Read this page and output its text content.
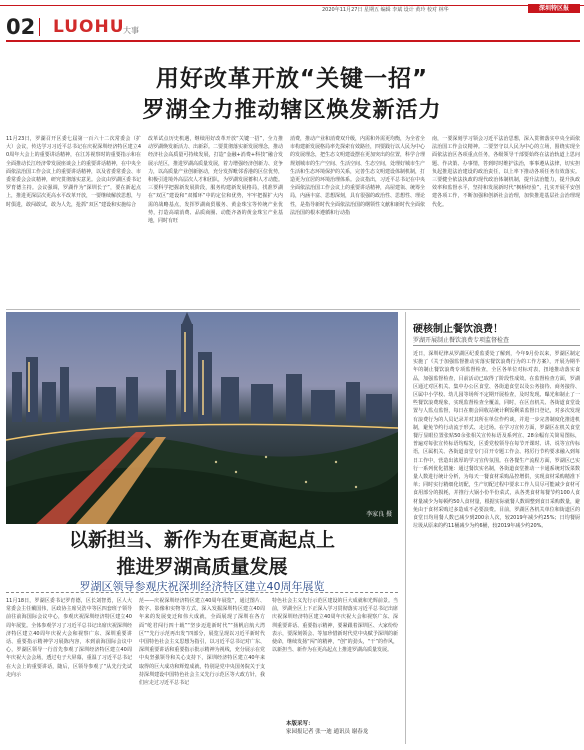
2020年11月27日 星期五 编辑 李斌 设计 黄玲 校对 林华	深圳特区报
02 LUOHU
大事
用好改革开放“关键一招”
罗湖全力推动辖区焕发新活力
11月23日，罗湖召开区委七届第一百六十二次常委会（扩大）会议，传达学习习近平总书记在庆祝深圳经济特区建立40周年大会上的重要讲话精神，在江苏视察时的重要指示和在全面推动长江经济带发展座谈会上的重要讲话精神，在中央全面依法治国工作会议上的重要讲话精神，以及省委常委会、市委常委会会议精神，研究贯彻落实意见。会议由罗湖区委书记罗育德主持。会议强调，罗湖作为“深圳长子”，要在新起点上，推进更深层次更高水平改革开放，一要继续解放思想，与时俱进，敢闯敢试，敢为人先，抢抓“双区”建设和实施综合
改革试点历史机遇，继续用好改革开放“关键一招”，全力推动罗湖焕发新活力、出新彩。二要贯彻落实新发展理念，推动经济社会高质量可持续发展，打造“金融+消费+科技”融合发展示范区，推进罗湖高质量发展，着力增强经济创新力、竞争力，以高质量产业创新驱动，充分发挥毗邻香港的区位优势，积极引进境外高层次人才和团队，为罗湖发展蓄积人才动能。三要科学把握新发展阶段，服务构建新发展格局，找准罗湖在“双区”建设和“双循环”中的定位和优势，牢牢把握扩大内需的战略基点，发挥罗湖商贸服务、黄金珠宝等传统产业优势，打造高端消费、品质商圈、动能齐备的黄金珠宝产业基地，同时有旺
消费，推动产业和消费双升级，内需和外需更均衡，为全省全市构建新发展格局率先探索有效路径，四要践行以人民为中心的发展理念，把生态文明建设摆在更加突出的位置，科学合理规划城市的生产空间、生活空间、生态空间，处理好城市生产生活和生态环境保护的关系，完善生态文明建设体制机制，打造更为宜居的环境治理体系。会议指出，习近平总书记在中央全面依法治国工作会议上的重要讲话精神，高屋建瓴、统筹全局，内涵丰富、思想深刻，具有很强的政治性、思想性、理论性，是指导新时代全面依法治国的纲领性文献和新时代全面依法治国的根本遵循和行动指
南，一要深刻学习领会习近平法治思想，深入贯彻落实中央全面依法治国工作会议精神。二要坚守以人民为中心的立场，围绕实现全面依法治区各项重点任务，各级领导干部要始终在法治轨道上思问题、作决策、办事情，答到时时维护法治，事事遵从法律，切实担负起推进法治建设的政治责任，以上率下推动各项任务有效落实。三要健全依法执政的现代政治体制机制，提升法治能力，提升执政效率和监督水平，坚持和发展新时代“枫桥经验”，扎实开展平安创建各项工作，不断加强和创新社会治理，加快推进基层社会治理现代化。
李家良 摄
以新担当、新作为在更高起点上
推进罗湖高质量发展
罗湖区领导参观庆祝深圳经济特区建立40周年展览
11月18日，罗湖区委书记罗育德，区长刘智勇，区人大常委会主任戴国伟，区政协主席吴浩中等区四套班子领导前往前海国际会议中心，参观庆祝深圳经济特区建立40周年展览。全体参观学习了习近平总书记出席庆祝深圳经济特区建立40周年庆祝大会和视察广东、深圳重要讲话、重要指示精神学习展陈内容，本到前海国际会议中心，罗湖区领导一行首先参观了深圳经济特区建立40周年庆祝大会会场，透过屯子大屏幕，重温了习近平总书记在大会上的重要讲话，随后，区领导参观了“从先行先试走向示
范——庆祝深圳经济特区建立40周年展览”，通过图片、数字、影像和实物等方式，深入发掘深圳特区建立40周年来的发展变迁和伟大成就，全面展现了深圳在各方面“屹君闯行四十载”“坚步迈进新时代”“扬帆启航大湾区”“先行示范再出发”四部分，展览呈现以习近平新时代中国特色社会主义思想为指引，以习近平总书记对广东、深圳重要讲话和重要指示批示精神为视线，充分展示在党中央坚强领导和关心支持下，深圳经济特区建立40年来取得的巨大成功和辉煌成就，特别是党中央国务院关于支持深圳建设中国特色社会主义先行示范区等大政方针，我们应走过习近平总书记
特色社会主义先行示范区建设的巨大成就和光辉前景。当前，罗湖全区上下正深入学习贯彻落实习近平总书记出席庆祝深圳经济特区建立40周年庆祝大会和视察广东、深圳重要讲话、重要指示精神，要紧跟着深圳区、大家纷纷表示，要深刻领会、等加珍惜新时代党中央赋予深圳的新使命，继续发扬“闯”的精神，“创”的劲头，“干”的作风，以新担当、新作为在更高起点上推进罗湖高质量发展。
本版采写：
家园报记者 张一迪 通讯员 谢春龙
硬核制止餐饮浪费！
罗湖开展制止餐饮浪费专项监督检查
近日，深圳纪律从罗湖区纪委监委处了解到，今年9月份以来，罗湖区制定实施了《关于加强监督推动实落实餐饮浪费行为的工作方案》，开展为期半年的制止餐饮浪费专项监督检查，全区各单位对标对表，扭地推动落实食品，加强监督检查，目前活动已取得了阶段性成效。在监督检查方面，罗湖区通过对区机关、集中办公区食堂、各街道食堂以及公务接待、商务接待、区属中小学校、幼儿园等场所不定期开展检查，及时发现、曝光和制止了一些餐饮浪费现象，实现监督检查全覆盖，同时，在区直机关、各街道食堂设置与人监点监督，每日在朝会回收站统计剩饭剩菜监督日登记，对多次发现有浪费行为的人员记录并对其所在单位作约谈，并进一步完善制度化推进机制，避免节约行动流于形式、走过场。在学习宣传方面，罗湖区在机关食堂餐厅显眼位置张贴50余张相关宣传标语及系列宣、28余幅有关简易图标，普遍对每张宣传标语均贴发，区委党校领导在每节开课时、讲、说等宣传标语，区属机关、各街道食堂专门召开专题工作会、将厉行节约要求融入到每日工作中，营造出浓厚的学习宣传氛围。在各餐生产流程方面，罗湖区已实行一系列优化措施：通过餐饮实名制，各街道食堂推动一卡通系统对饭菜数量人数进行统计分析，为每天一餐食材采购品控增供，实现食材采购精准下单；同时实行精细化切配，生产切配过程中要求工作人员尽可能减少食材可食用部分的损耗，并推行大锅小份半份菜式，从各类食材每餐节约100人食材量减少为每顿约50人食材量，根据实际就餐人数调整到食日采购数量，避免由于食材采购过多造成不必要浪费。目前，罗湖区各机关单位和街道区的食堂日均用餐人数已减少到200余人次，较2019年减少约25%；日均餐厨垃圾从原来的约11桶减少为约6桶，较2019年减少约20%。
